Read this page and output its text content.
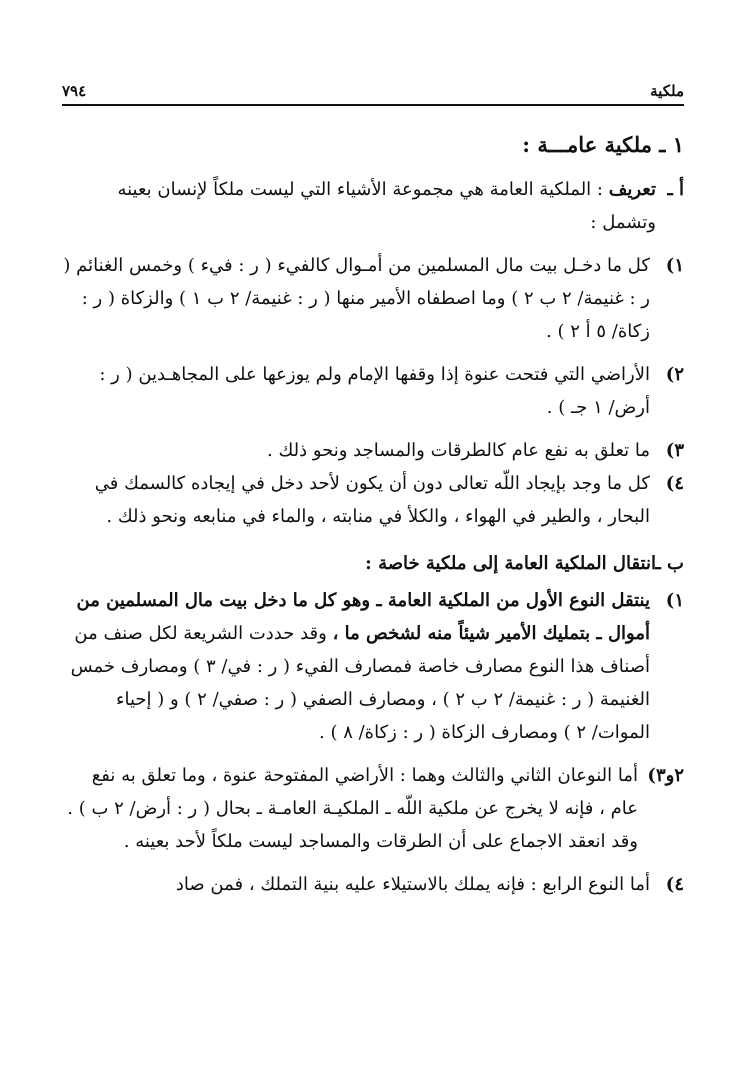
ملكية
٧٩٤
١ ـ ملكية عامـــة :
أ ـ
تعريف : الملكية العامة هي مجموعة الأشياء التي ليست ملكاً لإنسان بعينه وتشمل :
١)
كل ما دخـل بيت مال المسلمين من أمـوال كالفيء ( ر : فيء ) وخمس الغنائم ( ر : غنيمة/ ٢ ب ٢ ) وما اصطفاه الأمير منها ( ر : غنيمة/ ٢ ب ١ ) والزكاة ( ر : زكاة/ ٥ أ ٢ ) .
٢)
الأراضي التي فتحت عنوة إذا وقفها الإمام ولم يوزعها على المجاهـدين ( ر : أرض/ ١ جـ ) .
٣)
ما تعلق به نفع عام كالطرقات والمساجد ونحو ذلك .
٤)
كل ما وجد بإيجاد اللّه تعالى دون أن يكون لأحد دخل في إيجاده كالسمك في البحار ، والطير في الهواء ، والكلأ في منابته ، والماء في منابعه ونحو ذلك .
ب ـ
انتقال الملكية العامة إلى ملكية خاصة :
١)
ينتقل النوع الأول من الملكية العامة ـ وهو كل ما دخل بيت مال المسلمين من أموال ـ بتمليك الأمير شيئاً منه لشخص ما ، وقد حددت الشريعة لكل صنف من أصناف هذا النوع مصارف خاصة فمصارف الفيء ( ر : في/ ٣ ) ومصارف خمس الغنيمة ( ر : غنيمة/ ٢ ب ٢ ) ، ومصارف الصفي ( ر : صفي/ ٢ ) و ( إحياء الموات/ ٢ ) ومصارف الزكاة ( ر : زكاة/ ٨ ) .
٢و٣)
أما النوعان الثاني والثالث وهما : الأراضي المفتوحة عنوة ، وما تعلق به نفع عام ، فإنه لا يخرج عن ملكية اللّه ـ الملكيـة العامـة ـ بحال ( ر : أرض/ ٢ ب ) . وقد انعقد الاجماع على أن الطرقات والمساجد ليست ملكاً لأحد بعينه .
٤)
أما النوع الرابع : فإنه يملك بالاستيلاء عليه بنية التملك ، فمن صاد
